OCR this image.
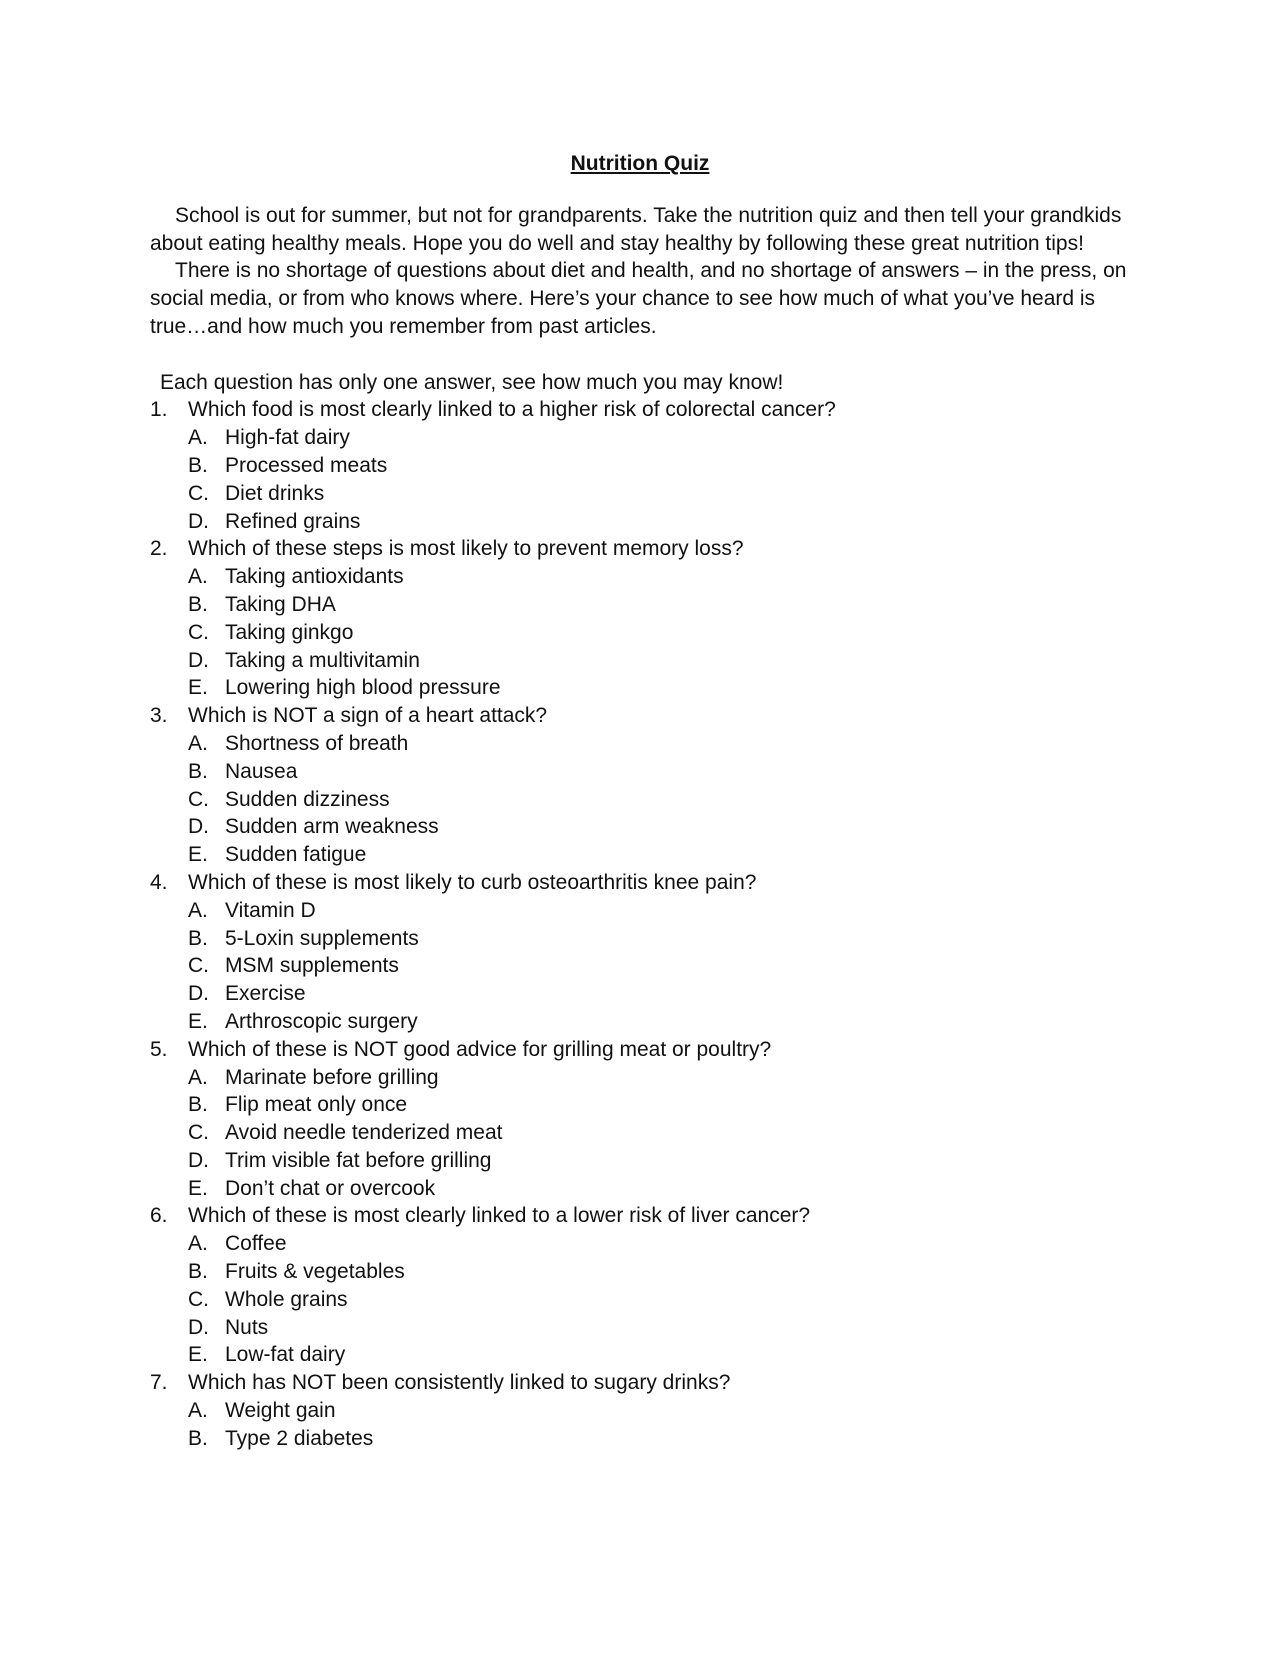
Nutrition Quiz

School is out for summer, but not for grandparents. Take the nutrition quiz and then tell your grandkids about eating healthy meals. Hope you do well and stay healthy by following these great nutrition tips!

There is no shortage of questions about diet and health, and no shortage of answers – in the press, on social media, or from who knows where. Here’s your chance to see how much of what you’ve heard is true…and how much you remember from past articles.

Each question has only one answer, see how much you may know!
1. Which food is most clearly linked to a higher risk of colorectal cancer?
A. High-fat dairy
B. Processed meats
C. Diet drinks
D. Refined grains
2. Which of these steps is most likely to prevent memory loss?
A. Taking antioxidants
B. Taking DHA
C. Taking ginkgo
D. Taking a multivitamin
E. Lowering high blood pressure
3. Which is NOT a sign of a heart attack?
A. Shortness of breath
B. Nausea
C. Sudden dizziness
D. Sudden arm weakness
E. Sudden fatigue
4. Which of these is most likely to curb osteoarthritis knee pain?
A. Vitamin D
B. 5-Loxin supplements
C. MSM supplements
D. Exercise
E. Arthroscopic surgery
5. Which of these is NOT good advice for grilling meat or poultry?
A. Marinate before grilling
B. Flip meat only once
C. Avoid needle tenderized meat
D. Trim visible fat before grilling
E. Don’t chat or overcook
6. Which of these is most clearly linked to a lower risk of liver cancer?
A. Coffee
B. Fruits & vegetables
C. Whole grains
D. Nuts
E. Low-fat dairy
7. Which has NOT been consistently linked to sugary drinks?
A. Weight gain
B. Type 2 diabetes
